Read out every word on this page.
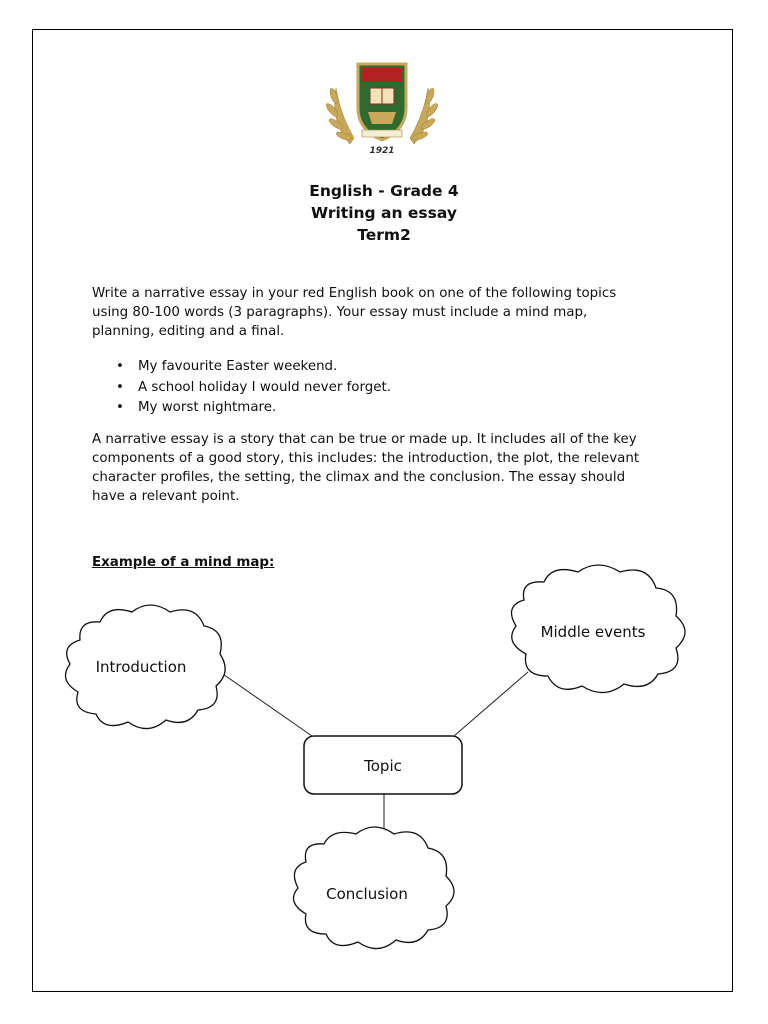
1921
English - Grade 4
Writing an essay
Term2

Write a narrative essay in your red English book on one of the following topics using 80-100 words (3 paragraphs). Your essay must include a mind map, planning, editing and a final.

• My favourite Easter weekend.
• A school holiday I would never forget.
• My worst nightmare.

A narrative essay is a story that can be true or made up. It includes all of the key components of a good story, this includes: the introduction, the plot, the relevant character profiles, the setting, the climax and the conclusion. The essay should have a relevant point.

Example of a mind map:

Introduction
Middle events
Topic
Conclusion
